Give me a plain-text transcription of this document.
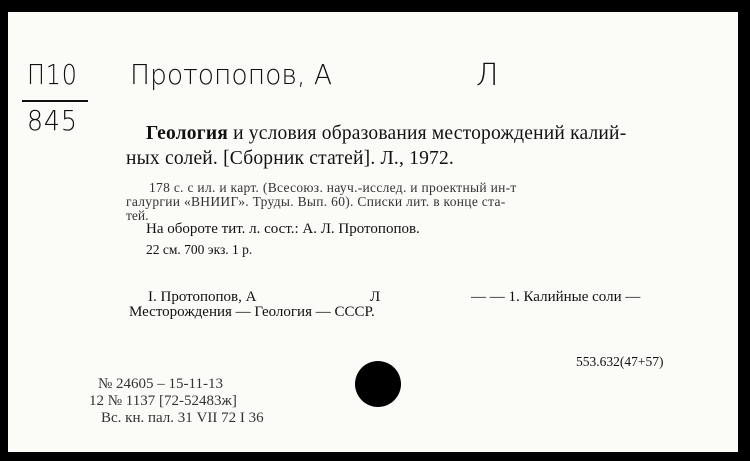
П10
845
Протопопов, А	Л
Геология и условия образования месторождений калий-
ных солей. [Сборник статей]. Л., 1972.
178 с. с ил. и карт. (Всесоюз. науч.-исслед. и проектный ин-т
галургии «ВНИИГ». Труды. Вып. 60). Списки лит. в конце ста-
тей.
На обороте тит. л. сост.: А. Л. Протопопов.
22 см. 700 экз. 1 р.
I. Протопопов, А	Л	— — 1. Калийные соли —
Месторождения — Геология — СССР.
553.632(47+57)
№ 24605 – 15-11-13
12 № 1137 [72-52483ж]
Вс. кн. пал. 31 VII 72 I 36
